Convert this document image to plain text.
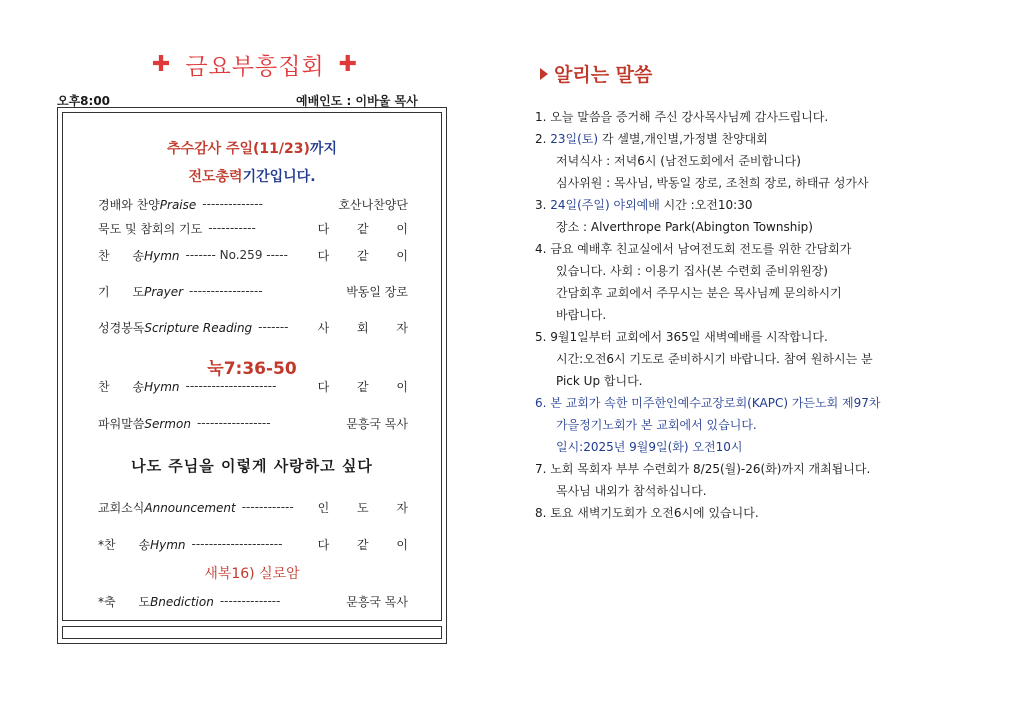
✚ 금요부흥집회 ✚
오후8:00	예배인도 : 이바울 목사
추수감사 주일(11/23)까지
전도총력기간입니다.
경배와 찬양Praise --------------	호산나찬양단
묵도 및 참회의 기도 -----------	다 같 이
찬      송Hymn ------- No.259 -----	다 같 이
기      도Prayer -----------------	박동일 장로
성경봉독Scripture Reading -------	사 회 자
눅7:36-50
찬      송Hymn ---------------------	다 같 이
파워말씀Sermon -----------------	문흥국 목사
나도 주님을 이렇게 사랑하고 싶다
교회소식Announcement ------------	인 도 자
*찬      송Hymn ---------------------	다 같 이
새복16) 실로암
*축      도Bnediction --------------	문흥국 목사
알리는 말씀
1. 오늘 말씀을 증거해 주신 강사목사님께 감사드립니다.
2. 23일(토) 각 셀별,개인별,가정별 찬양대회
저녁식사 : 저녁6시 (남전도회에서 준비합니다)
심사위원 : 목사님, 박동일 장로, 조천희 장로, 하태규 성가사
3. 24일(주일) 야외예배 시간 :오전10:30
장소 : Alverthrope Park(Abington Township)
4. 금요 예배후 친교실에서 남여전도회 전도를 위한 간담회가
있습니다. 사회 : 이용기 집사(본 수련회 준비위원장)
간담회후 교회에서 주무시는 분은 목사님께 문의하시기
바랍니다.
5. 9월1일부터 교회에서 365일 새벽예배를 시작합니다.
시간:오전6시 기도로 준비하시기 바랍니다. 참여 원하시는 분
Pick Up 합니다.
6. 본 교회가 속한 미주한인예수교장로회(KAPC) 가든노회 제97차
가을정기노회가 본 교회에서 있습니다.
일시:2025년 9월9일(화) 오전10시
7. 노회 목회자 부부 수련회가 8/25(월)-26(화)까지 개최됩니다.
목사님 내외가 참석하십니다.
8. 토요 새벽기도회가 오전6시에 있습니다.
